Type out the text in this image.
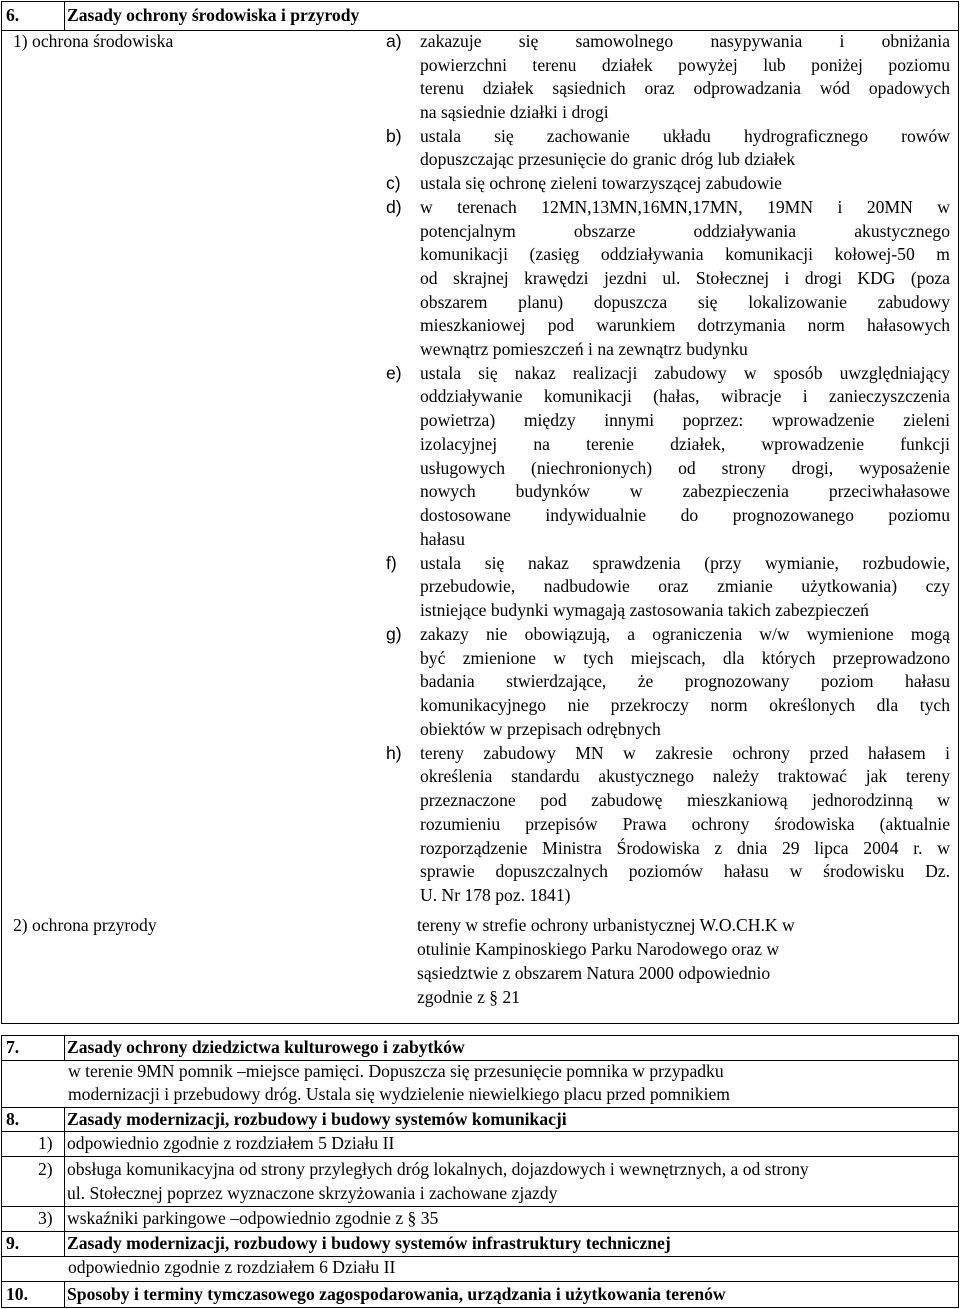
6.	Zasady ochrony środowiska i przyrody
1) ochrona środowiska	a) zakazuje się samowolnego nasypywania i obniżania
powierzchni terenu działek powyżej lub poniżej poziomu
terenu działek sąsiednich oraz odprowadzania wód opadowych
na sąsiednie działki i drogi
b) ustala się zachowanie układu hydrograficznego rowów
dopuszczając przesunięcie do granic dróg lub działek
c) ustala się ochronę zieleni towarzyszącej zabudowie
d) w terenach 12MN,13MN,16MN,17MN, 19MN i 20MN w
potencjalnym obszarze oddziaływania akustycznego
komunikacji (zasięg oddziaływania komunikacji kołowej-50 m
od skrajnej krawędzi jezdni ul. Stołecznej i drogi KDG (poza
obszarem planu) dopuszcza się lokalizowanie zabudowy
mieszkaniowej pod warunkiem dotrzymania norm hałasowych
wewnątrz pomieszczeń i na zewnątrz budynku
e) ustala się nakaz realizacji zabudowy w sposób uwzględniający
oddziaływanie komunikacji (hałas, wibracje i zanieczyszczenia
powietrza) między innymi poprzez: wprowadzenie zieleni
izolacyjnej na terenie działek, wprowadzenie funkcji
usługowych (niechronionych) od strony drogi, wyposażenie
nowych budynków w zabezpieczenia przeciwhałasowe
dostosowane indywidualnie do prognozowanego poziomu
hałasu
f) ustala się nakaz sprawdzenia (przy wymianie, rozbudowie,
przebudowie, nadbudowie oraz zmianie użytkowania) czy
istniejące budynki wymagają zastosowania takich zabezpieczeń
g) zakazy nie obowiązują, a ograniczenia w/w wymienione mogą
być zmienione w tych miejscach, dla których przeprowadzono
badania stwierdzające, że prognozowany poziom hałasu
komunikacyjnego nie przekroczy norm określonych dla tych
obiektów w przepisach odrębnych
h) tereny zabudowy MN w zakresie ochrony przed hałasem i
określenia standardu akustycznego należy traktować jak tereny
przeznaczone pod zabudowę mieszkaniową jednorodzinną w
rozumieniu przepisów Prawa ochrony środowiska (aktualnie
rozporządzenie Ministra Środowiska z dnia 29 lipca 2004 r. w
sprawie dopuszczalnych poziomów hałasu w środowisku Dz.
U. Nr 178 poz. 1841)
2) ochrona przyrody	tereny w strefie ochrony urbanistycznej W.O.CH.K w
otulinie Kampinoskiego Parku Narodowego oraz w
sąsiedztwie z obszarem Natura 2000 odpowiednio
zgodnie z § 21
7.	Zasady ochrony dziedzictwa kulturowego i zabytków
w terenie 9MN pomnik –miejsce pamięci. Dopuszcza się przesunięcie pomnika w przypadku
modernizacji i przebudowy dróg. Ustala się wydzielenie niewielkiego placu przed pomnikiem
8.	Zasady modernizacji, rozbudowy i budowy systemów komunikacji
1) odpowiednio zgodnie z rozdziałem 5 Działu II
2) obsługa komunikacyjna od strony przyległych dróg lokalnych, dojazdowych i wewnętrznych, a od strony
ul. Stołecznej poprzez wyznaczone skrzyżowania i zachowane zjazdy
3) wskaźniki parkingowe –odpowiednio zgodnie z § 35
9.	Zasady modernizacji, rozbudowy i budowy systemów infrastruktury technicznej
odpowiednio zgodnie z rozdziałem 6 Działu II
10. Sposoby i terminy tymczasowego zagospodarowania, urządzania i użytkowania terenów
